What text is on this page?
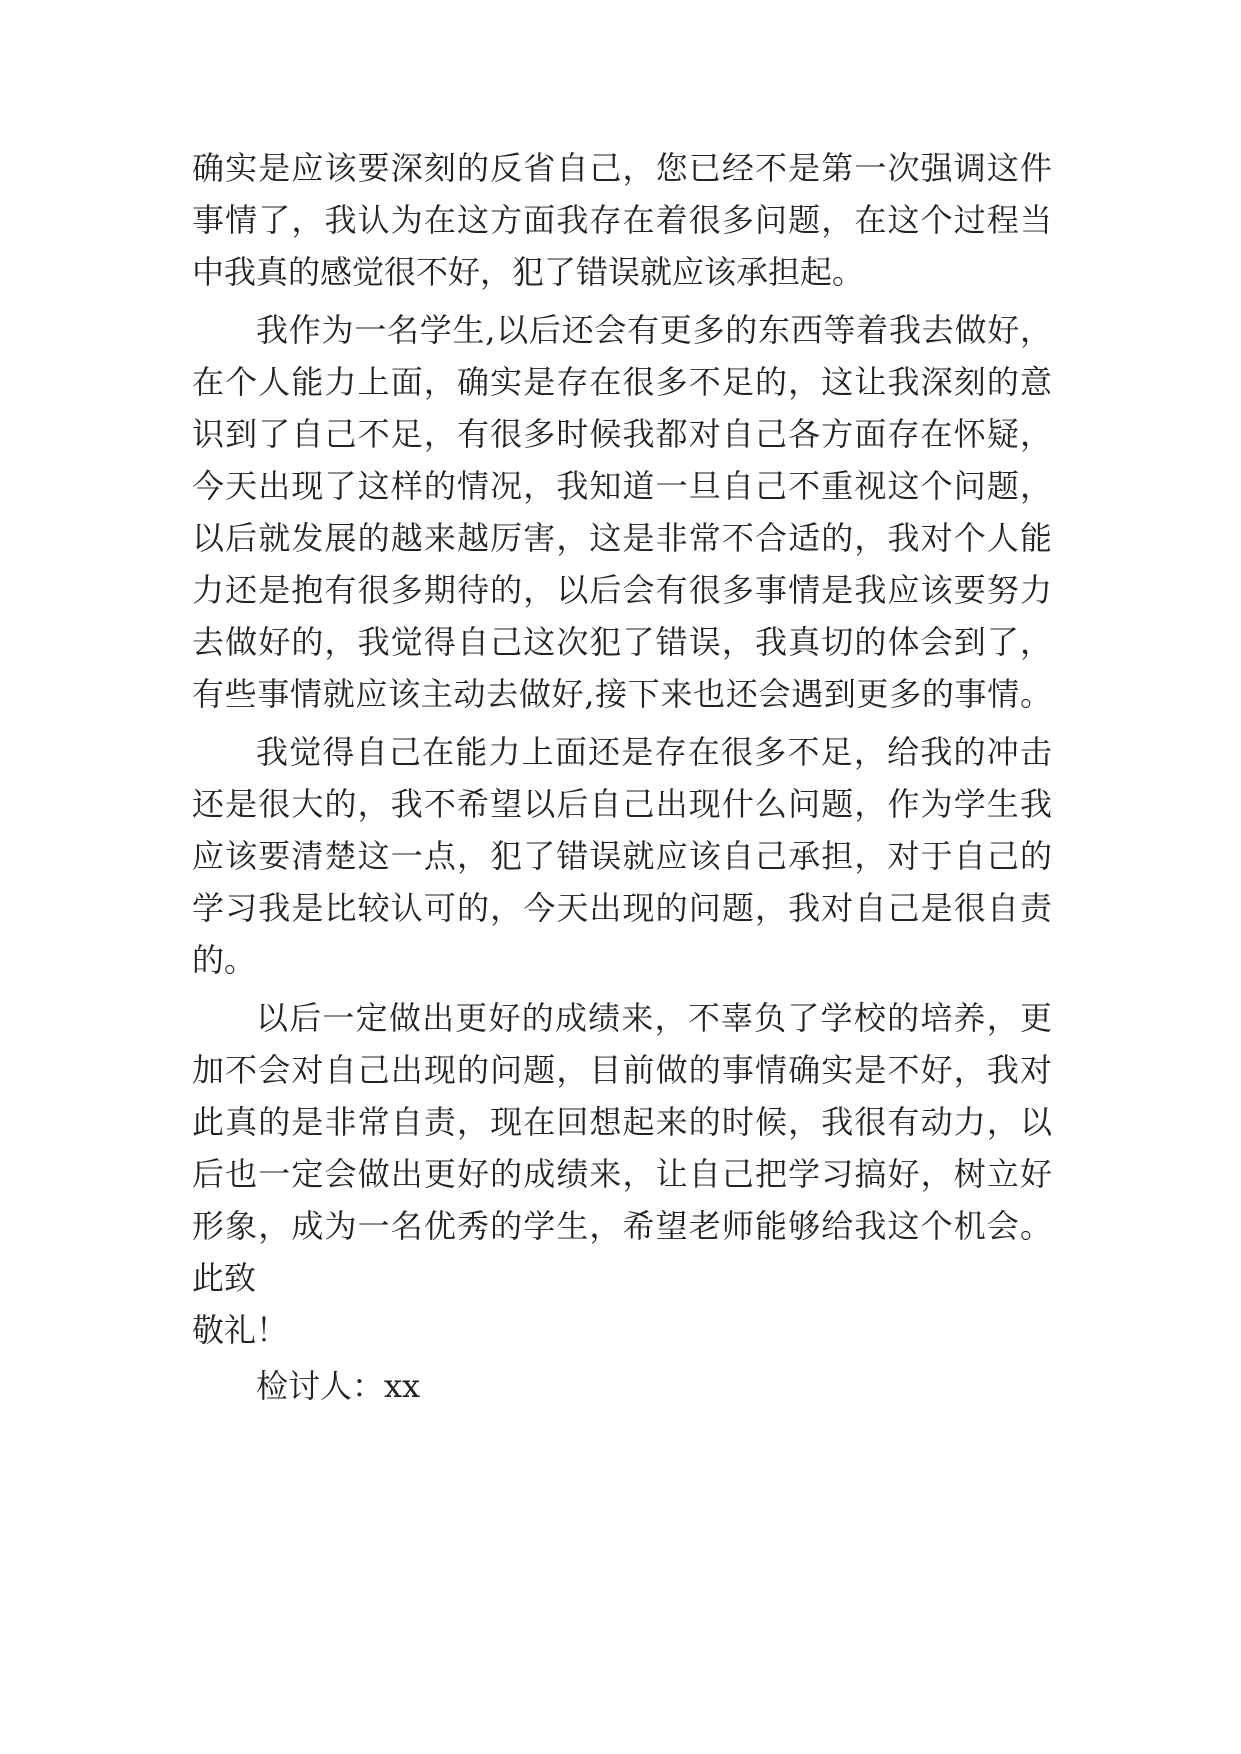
确实是应该要深刻的反省自己，您已经不是第一次强调这件
事情了，我认为在这方面我存在着很多问题，在这个过程当
中我真的感觉很不好，犯了错误就应该承担起。
我作为一名学生,以后还会有更多的东西等着我去做好，
在个人能力上面，确实是存在很多不足的，这让我深刻的意
识到了自己不足，有很多时候我都对自己各方面存在怀疑，
今天出现了这样的情况，我知道一旦自己不重视这个问题，
以后就发展的越来越厉害，这是非常不合适的，我对个人能
力还是抱有很多期待的，以后会有很多事情是我应该要努力
去做好的，我觉得自己这次犯了错误，我真切的体会到了，
有些事情就应该主动去做好,接下来也还会遇到更多的事情。
我觉得自己在能力上面还是存在很多不足，给我的冲击
还是很大的，我不希望以后自己出现什么问题，作为学生我
应该要清楚这一点，犯了错误就应该自己承担，对于自己的
学习我是比较认可的，今天出现的问题，我对自己是很自责
的。
以后一定做出更好的成绩来，不辜负了学校的培养，更
加不会对自己出现的问题，目前做的事情确实是不好，我对
此真的是非常自责，现在回想起来的时候，我很有动力，以
后也一定会做出更好的成绩来，让自己把学习搞好，树立好
形象，成为一名优秀的学生，希望老师能够给我这个机会。
此致
敬礼！
检讨人：xx
